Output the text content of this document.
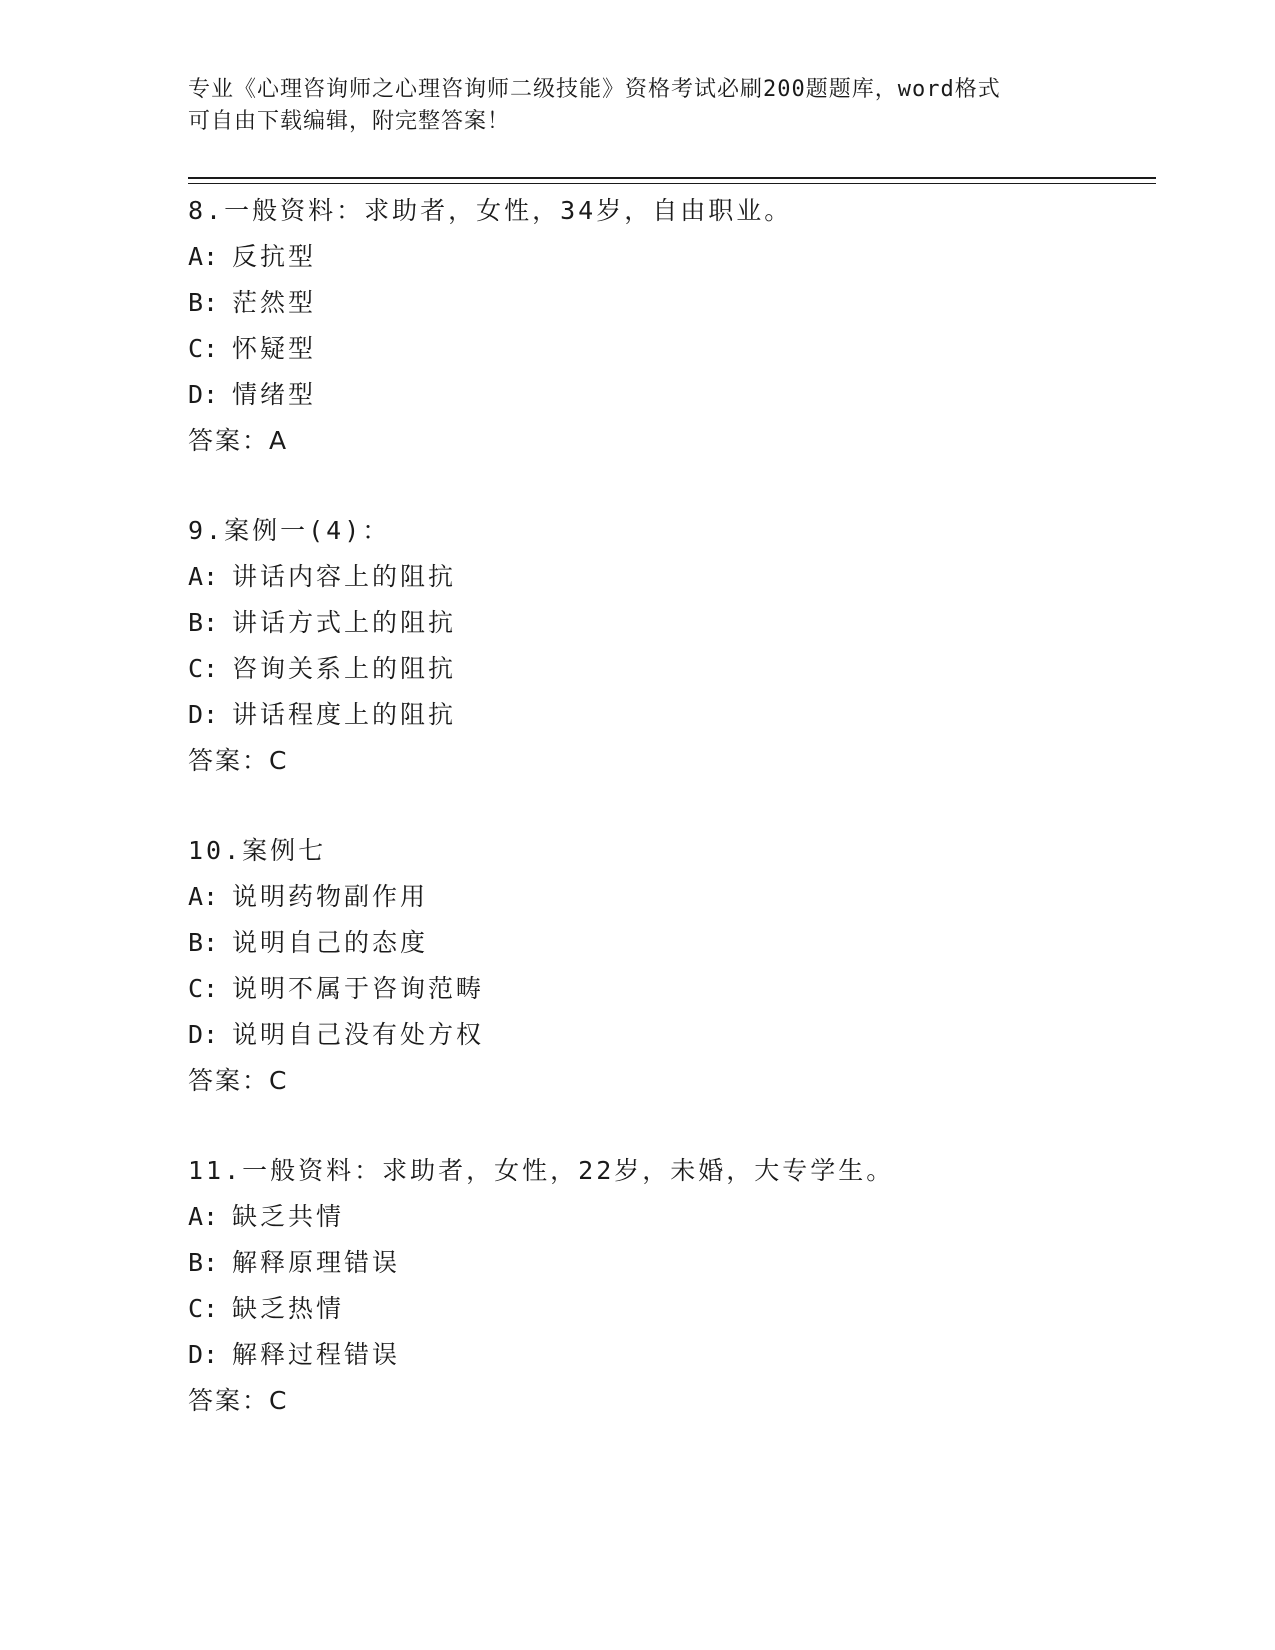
专业《心理咨询师之心理咨询师二级技能》资格考试必刷200题题库，word格式
可自由下载编辑，附完整答案！
8.一般资料：求助者，女性，34岁，自由职业。
A: 反抗型
B: 茫然型
C: 怀疑型
D: 情绪型
答案：A
9.案例一(4)：
A: 讲话内容上的阻抗
B: 讲话方式上的阻抗
C: 咨询关系上的阻抗
D: 讲话程度上的阻抗
答案：C
10.案例七
A: 说明药物副作用
B: 说明自己的态度
C: 说明不属于咨询范畴
D: 说明自己没有处方权
答案：C
11.一般资料：求助者，女性，22岁，未婚，大专学生。
A: 缺乏共情
B: 解释原理错误
C: 缺乏热情
D: 解释过程错误
答案：C
